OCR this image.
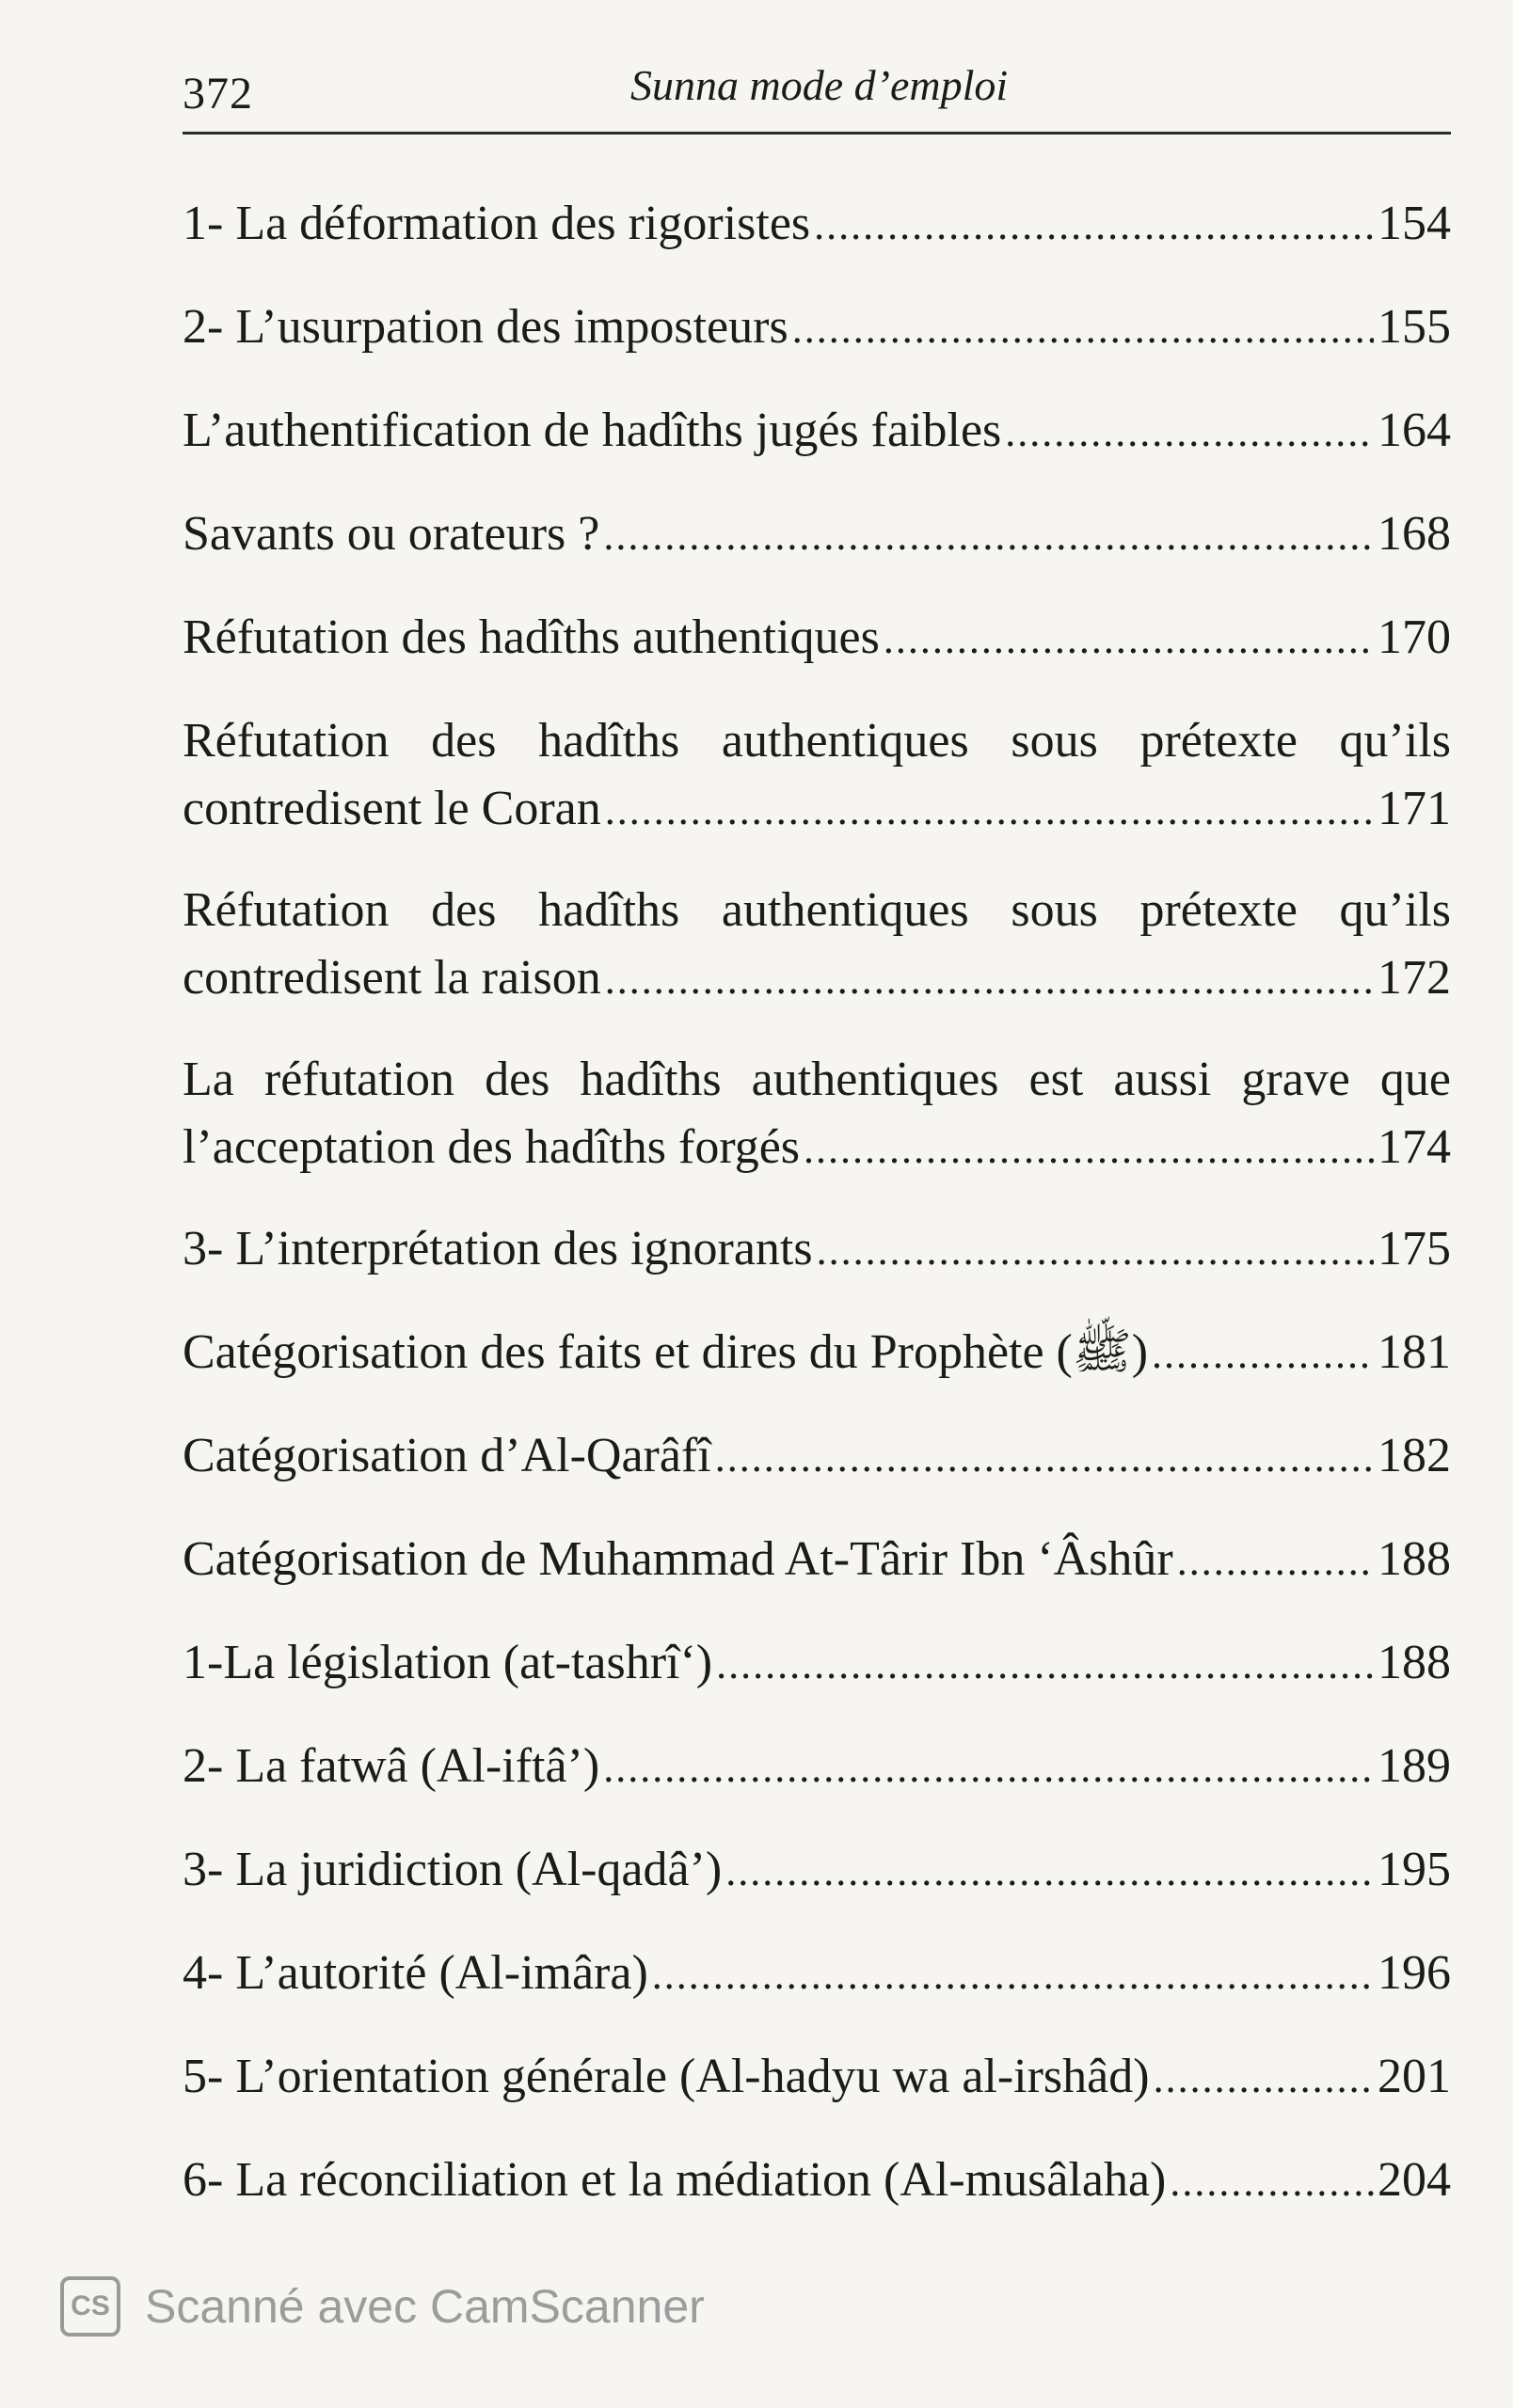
372	Sunna mode d’emploi
1- La déformation des rigoristes .....	154
2- L’usurpation des imposteurs .....	155
L’authentification de hadîths jugés faibles .....	164
Savants ou orateurs ? .....	168
Réfutation des hadîths authentiques .....	170
Réfutation des hadîths authentiques sous prétexte qu’ils
contredisent le Coran .....	171
Réfutation des hadîths authentiques sous prétexte qu’ils
contredisent la raison .....	172
La réfutation des hadîths authentiques est aussi grave que
l’acceptation des hadîths forgés .....	174
3- L’interprétation des ignorants .....	175
Catégorisation des faits et dires du Prophète (ﷺ) .....	181
Catégorisation d’Al-Qarâfî .....	182
Catégorisation de Muhammad At-Târir Ibn ‘Âshûr .....	188
1-La législation (at-tashrî‘) .....	188
2- La fatwâ (Al-iftâ’) .....	189
3- La juridiction (Al-qadâ’) .....	195
4- L’autorité (Al-imâra) .....	196
5- L’orientation générale (Al-hadyu wa al-irshâd) .....	201
6- La réconciliation et la médiation (Al-musâlaha) .....	204
CS Scanné avec CamScanner
